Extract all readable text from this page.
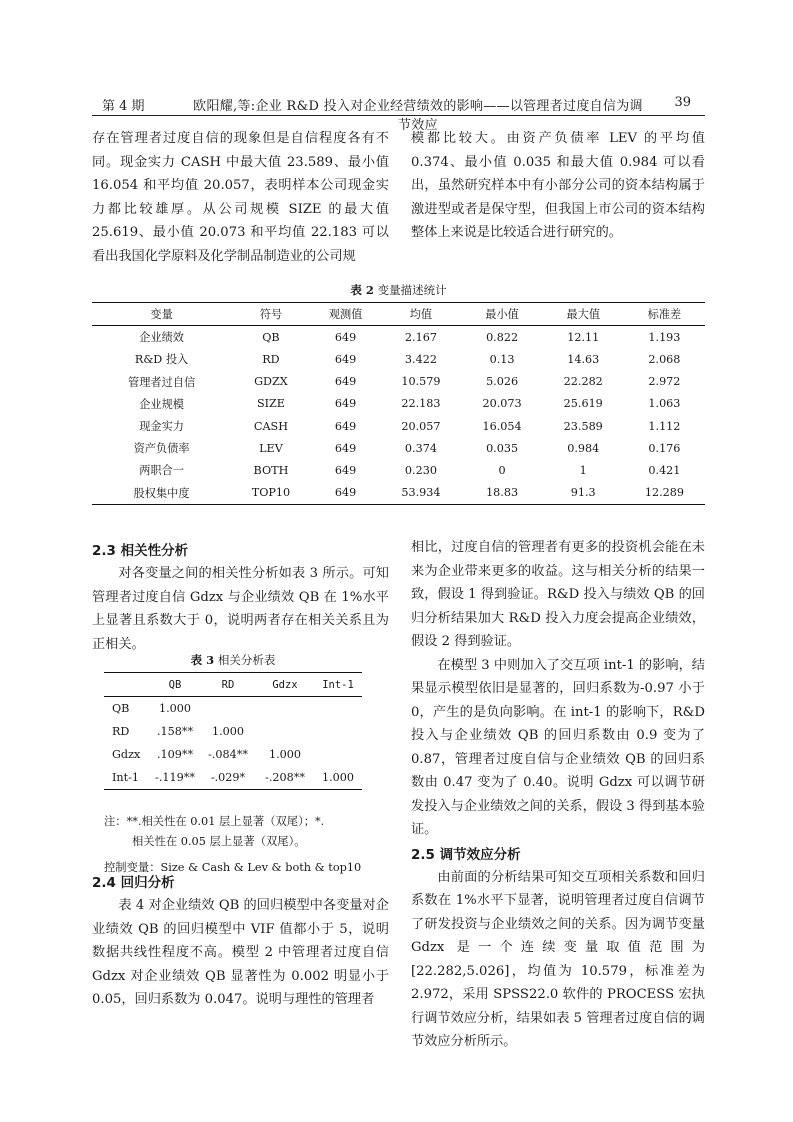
第 4 期	欧阳耀,等:企业 R&D 投入对企业经营绩效的影响——以管理者过度自信为调节效应
39

存在管理者过度自信的现象但是自信程度各有不同。现金实力 CASH 中最大值 23.589、最小值 16.054 和平均值 20.057，表明样本公司现金实力都比较雄厚。从公司规模 SIZE 的最大值 25.619、最小值 20.073 和平均值 22.183 可以看出我国化学原料及化学制品制造业的公司规

模都比较大。由资产负债率 LEV 的平均值 0.374、最小值 0.035 和最大值 0.984 可以看出，虽然研究样本中有小部分公司的资本结构属于激进型或者是保守型，但我国上市公司的资本结构整体上来说是比较适合进行研究的。

表 2 变量描述统计
变量	符号	观测值	均值	最小值	最大值	标准差
企业绩效	QB	649	2.167	0.822	12.11	1.193
R&D 投入	RD	649	3.422	0.13	14.63	2.068
管理者过自信	GDZX	649	10.579	5.026	22.282	2.972
企业规模	SIZE	649	22.183	20.073	25.619	1.063
现金实力	CASH	649	20.057	16.054	23.589	1.112
资产负债率	LEV	649	0.374	0.035	0.984	0.176
两职合一	BOTH	649	0.230	0	1	0.421
股权集中度	TOP10	649	53.934	18.83	91.3	12.289
2.3 相关性分析

对各变量之间的相关性分析如表 3 所示。可知管理者过度自信 Gdzx 与企业绩效 QB 在 1%水平上显著且系数大于 0，说明两者存在相关关系且为正相关。

表 3 相关分析表
	QB	RD	Gdzx	Int-1
QB	1.000			
RD	.158**	1.000		
Gdzx	.109**	-.084**	1.000	
Int-1	-.119**	-.029*	-.208**	1.000
注：**.相关性在 0.01 层上显著（双尾）；*.
相关性在 0.05 层上显著（双尾）。
控制变量：Size & Cash & Lev & both & top10
2.4 回归分析

表 4 对企业绩效 QB 的回归模型中各变量对企业绩效 QB 的回归模型中 VIF 值都小于 5，说明数据共线性程度不高。模型 2 中管理者过度自信 Gdzx 对企业绩效 QB 显著性为 0.002 明显小于 0.05，回归系数为 0.047。说明与理性的管理者

相比，过度自信的管理者有更多的投资机会能在未来为企业带来更多的收益。这与相关分析的结果一致，假设 1 得到验证。R&D 投入与绩效 QB 的回归分析结果加大 R&D 投入力度会提高企业绩效，假设 2 得到验证。

在模型 3 中则加入了交互项 int-1 的影响，结果显示模型依旧是显著的，回归系数为-0.97 小于 0，产生的是负向影响。在 int-1 的影响下，R&D 投入与企业绩效 QB 的回归系数由 0.9 变为了 0.87，管理者过度自信与企业绩效 QB 的回归系数由 0.47 变为了 0.40。说明 Gdzx 可以调节研发投入与企业绩效之间的关系，假设 3 得到基本验证。

2.5 调节效应分析

由前面的分析结果可知交互项相关系数和回归系数在 1%水平下显著，说明管理者过度自信调节了研发投资与企业绩效之间的关系。因为调节变量 Gdzx 是一个连续变量取值范围为[22.282,5.026]，均值为 10.579，标准差为 2.972，采用 SPSS22.0 软件的 PROCESS 宏执行调节效应分析，结果如表 5 管理者过度自信的调节效应分析所示。
